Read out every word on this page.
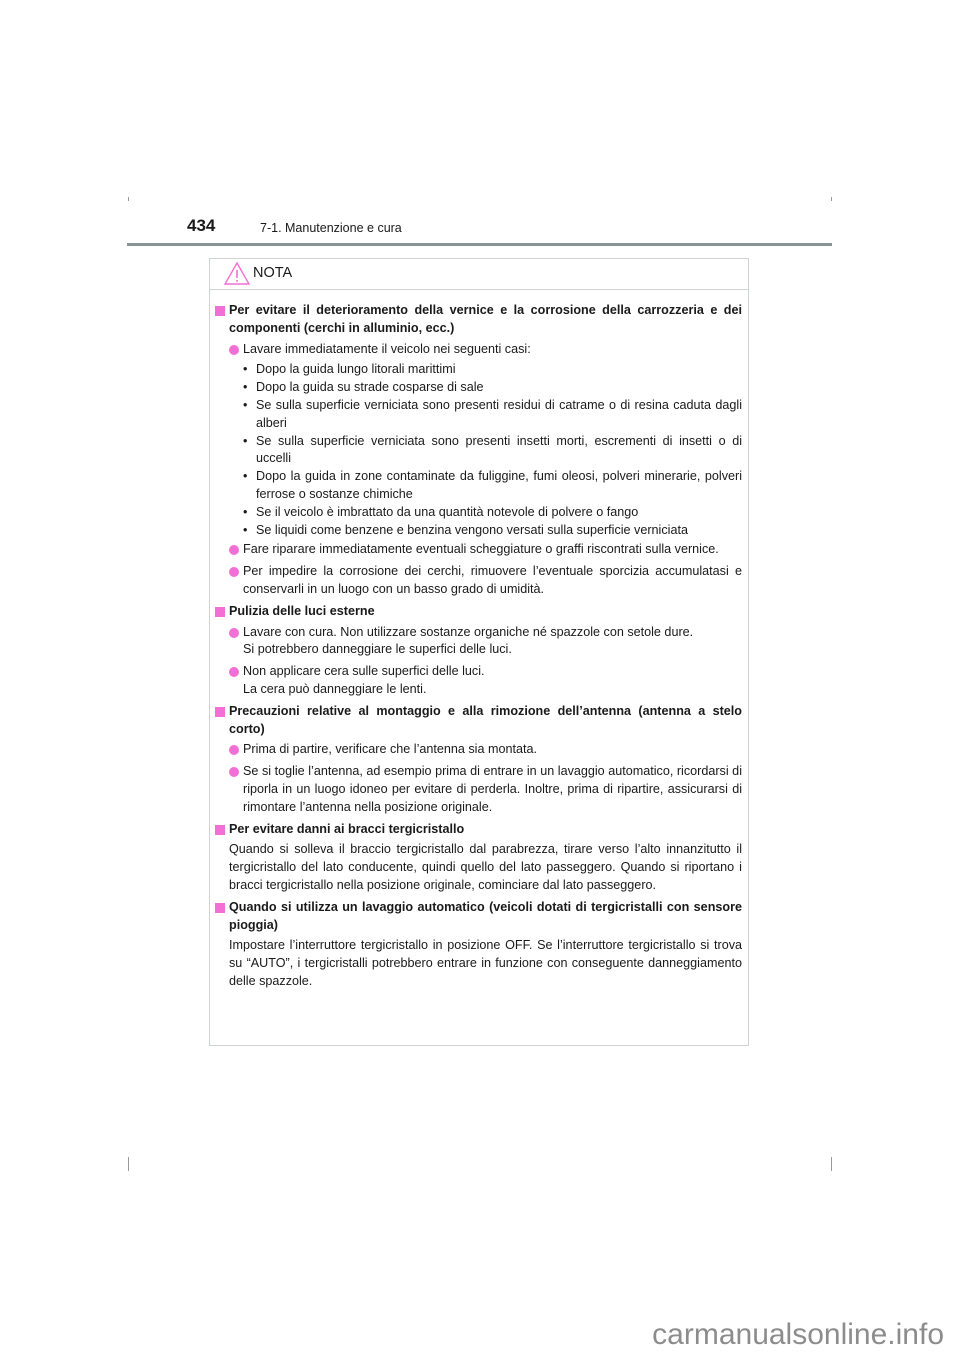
434	7-1. Manutenzione e cura
NOTA
Per evitare il deterioramento della vernice e la corrosione della carrozzeria e dei componenti (cerchi in alluminio, ecc.)
Lavare immediatamente il veicolo nei seguenti casi:
• Dopo la guida lungo litorali marittimi
• Dopo la guida su strade cosparse di sale
• Se sulla superficie verniciata sono presenti residui di catrame o di resina caduta dagli alberi
• Se sulla superficie verniciata sono presenti insetti morti, escrementi di insetti o di uccelli
• Dopo la guida in zone contaminate da fuliggine, fumi oleosi, polveri minerarie, polveri ferrose o sostanze chimiche
• Se il veicolo è imbrattato da una quantità notevole di polvere o fango
• Se liquidi come benzene e benzina vengono versati sulla superficie verniciata
Fare riparare immediatamente eventuali scheggiature o graffi riscontrati sulla vernice.
Per impedire la corrosione dei cerchi, rimuovere l’eventuale sporcizia accumulatasi e conservarli in un luogo con un basso grado di umidità.
Pulizia delle luci esterne
Lavare con cura. Non utilizzare sostanze organiche né spazzole con setole dure.
Si potrebbero danneggiare le superfici delle luci.
Non applicare cera sulle superfici delle luci.
La cera può danneggiare le lenti.
Precauzioni relative al montaggio e alla rimozione dell’antenna (antenna a stelo corto)
Prima di partire, verificare che l’antenna sia montata.
Se si toglie l’antenna, ad esempio prima di entrare in un lavaggio automatico, ricordarsi di riporla in un luogo idoneo per evitare di perderla. Inoltre, prima di ripartire, assicurarsi di rimontare l’antenna nella posizione originale.
Per evitare danni ai bracci tergicristallo
Quando si solleva il braccio tergicristallo dal parabrezza, tirare verso l’alto innanzitutto il tergicristallo del lato conducente, quindi quello del lato passeggero. Quando si riportano i bracci tergicristallo nella posizione originale, cominciare dal lato passeggero.
Quando si utilizza un lavaggio automatico (veicoli dotati di tergicristalli con sensore pioggia)
Impostare l’interruttore tergicristallo in posizione OFF. Se l’interruttore tergicristallo si trova su “AUTO”, i tergicristalli potrebbero entrare in funzione con conseguente danneggiamento delle spazzole.
carmanualsonline.info
